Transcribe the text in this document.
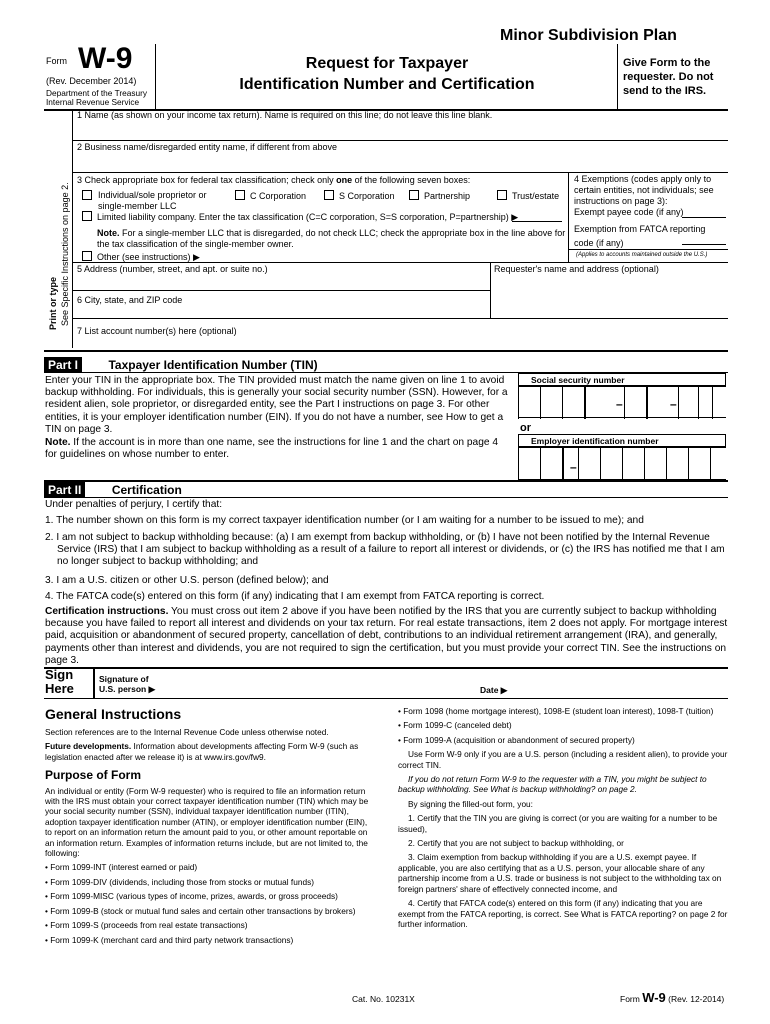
Minor Subdivision Plan
Form W-9
(Rev. December 2014)
Department of the Treasury
Internal Revenue Service
Request for Taxpayer
Identification Number and Certification
Give Form to the requester. Do not send to the IRS.
Print or type See Specific Instructions on page 2.
1 Name (as shown on your income tax return). Name is required on this line; do not leave this line blank.
2 Business name/disregarded entity name, if different from above
3 Check appropriate box for federal tax classification; check only one of the following seven boxes:
Individual/sole proprietor or single-member LLC
C Corporation	S Corporation	Partnership	Trust/estate
Limited liability company. Enter the tax classification (C=C corporation, S=S corporation, P=partnership) ▶
Note. For a single-member LLC that is disregarded, do not check LLC; check the appropriate box in the line above for the tax classification of the single-member owner.
Other (see instructions) ▶
4 Exemptions (codes apply only to certain entities, not individuals; see instructions on page 3):
Exempt payee code (if any)
Exemption from FATCA reporting code (if any)
(Applies to accounts maintained outside the U.S.)
5 Address (number, street, and apt. or suite no.)	Requester's name and address (optional)
6 City, state, and ZIP code
7 List account number(s) here (optional)
Part I	Taxpayer Identification Number (TIN)
Enter your TIN in the appropriate box. The TIN provided must match the name given on line 1 to avoid backup withholding. For individuals, this is generally your social security number (SSN). However, for a resident alien, sole proprietor, or disregarded entity, see the Part I instructions on page 3. For other entities, it is your employer identification number (EIN). If you do not have a number, see How to get a TIN on page 3.
Note. If the account is in more than one name, see the instructions for line 1 and the chart on page 4 for guidelines on whose number to enter.
Social security number
–	–
or
Employer identification number
–
Part II	Certification
Under penalties of perjury, I certify that:
1. The number shown on this form is my correct taxpayer identification number (or I am waiting for a number to be issued to me); and
2. I am not subject to backup withholding because: (a) I am exempt from backup withholding, or (b) I have not been notified by the Internal Revenue Service (IRS) that I am subject to backup withholding as a result of a failure to report all interest or dividends, or (c) the IRS has notified me that I am no longer subject to backup withholding; and
3. I am a U.S. citizen or other U.S. person (defined below); and
4. The FATCA code(s) entered on this form (if any) indicating that I am exempt from FATCA reporting is correct.
Certification instructions. You must cross out item 2 above if you have been notified by the IRS that you are currently subject to backup withholding because you have failed to report all interest and dividends on your tax return. For real estate transactions, item 2 does not apply. For mortgage interest paid, acquisition or abandonment of secured property, cancellation of debt, contributions to an individual retirement arrangement (IRA), and generally, payments other than interest and dividends, you are not required to sign the certification, but you must provide your correct TIN. See the instructions on page 3.
Sign
Here
Signature of
U.S. person ▶	Date ▶
General Instructions

Section references are to the Internal Revenue Code unless otherwise noted.

Future developments. Information about developments affecting Form W-9 (such as legislation enacted after we release it) is at www.irs.gov/fw9.

Purpose of Form

An individual or entity (Form W-9 requester) who is required to file an information return with the IRS must obtain your correct taxpayer identification number (TIN) which may be your social security number (SSN), individual taxpayer identification number (ITIN), adoption taxpayer identification number (ATIN), or employer identification number (EIN), to report on an information return the amount paid to you, or other amount reportable on an information return. Examples of information returns include, but are not limited to, the following:

• Form 1099-INT (interest earned or paid)

• Form 1099-DIV (dividends, including those from stocks or mutual funds)

• Form 1099-MISC (various types of income, prizes, awards, or gross proceeds)

• Form 1099-B (stock or mutual fund sales and certain other transactions by brokers)

• Form 1099-S (proceeds from real estate transactions)

• Form 1099-K (merchant card and third party network transactions)

• Form 1098 (home mortgage interest), 1098-E (student loan interest), 1098-T (tuition)

• Form 1099-C (canceled debt)

• Form 1099-A (acquisition or abandonment of secured property)

Use Form W-9 only if you are a U.S. person (including a resident alien), to provide your correct TIN.

If you do not return Form W-9 to the requester with a TIN, you might be subject to backup withholding. See What is backup withholding? on page 2.

By signing the filled-out form, you:

1. Certify that the TIN you are giving is correct (or you are waiting for a number to be issued),

2. Certify that you are not subject to backup withholding, or

3. Claim exemption from backup withholding if you are a U.S. exempt payee. If applicable, you are also certifying that as a U.S. person, your allocable share of any partnership income from a U.S. trade or business is not subject to the withholding tax on foreign partners' share of effectively connected income, and

4. Certify that FATCA code(s) entered on this form (if any) indicating that you are exempt from the FATCA reporting, is correct. See What is FATCA reporting? on page 2 for further information.

Cat. No. 10231X	Form W-9 (Rev. 12-2014)
